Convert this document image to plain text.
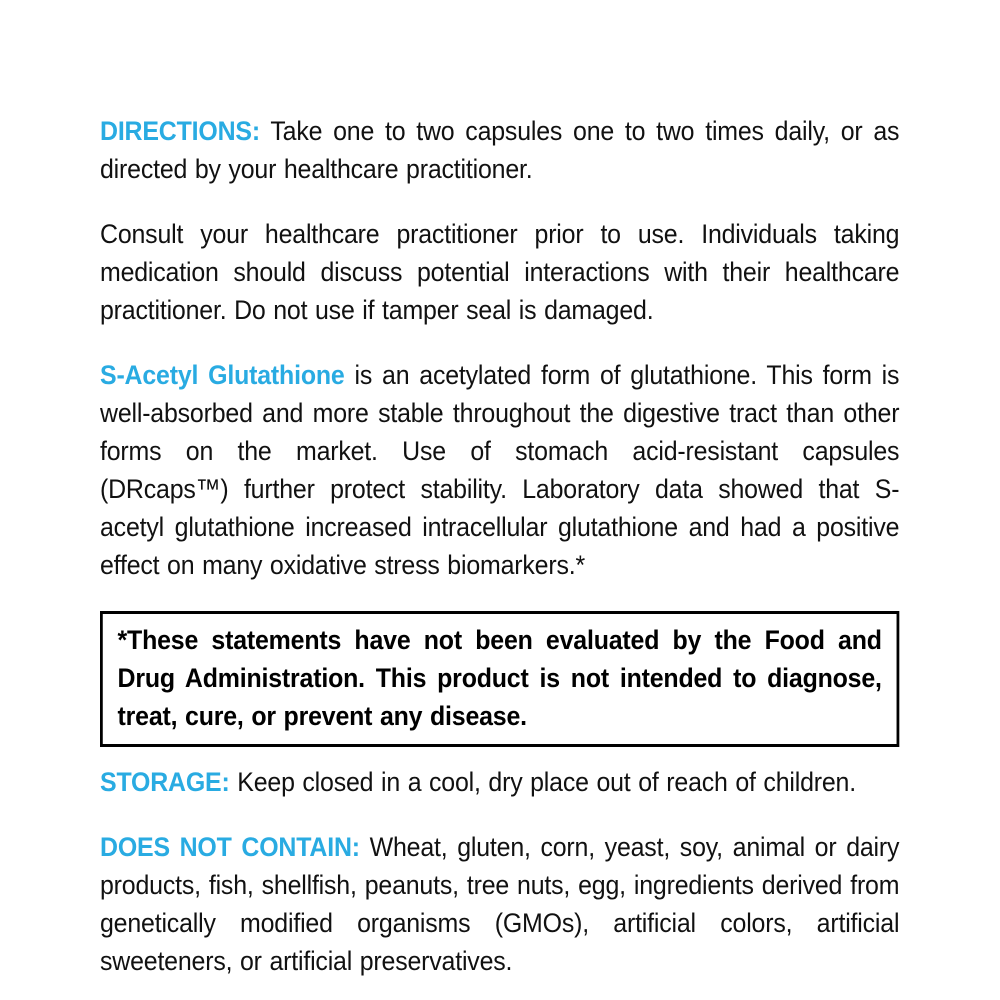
DIRECTIONS: Take one to two capsules one to two times daily, or as directed by your healthcare practitioner.

Consult your healthcare practitioner prior to use. Individuals taking medication should discuss potential interactions with their healthcare practitioner. Do not use if tamper seal is damaged.

S-Acetyl Glutathione is an acetylated form of glutathione. This form is well-absorbed and more stable throughout the digestive tract than other forms on the market. Use of stomach acid-resistant capsules (DRcaps™) further protect stability. Laboratory data showed that S-acetyl glutathione increased intracellular glutathione and had a positive effect on many oxidative stress biomarkers.*

*These statements have not been evaluated by the Food and Drug Administration. This product is not intended to diagnose, treat, cure, or prevent any disease.

STORAGE: Keep closed in a cool, dry place out of reach of children.

DOES NOT CONTAIN: Wheat, gluten, corn, yeast, soy, animal or dairy products, fish, shellfish, peanuts, tree nuts, egg, ingredients derived from genetically modified organisms (GMOs), artificial colors, artificial sweeteners, or artificial preservatives.
